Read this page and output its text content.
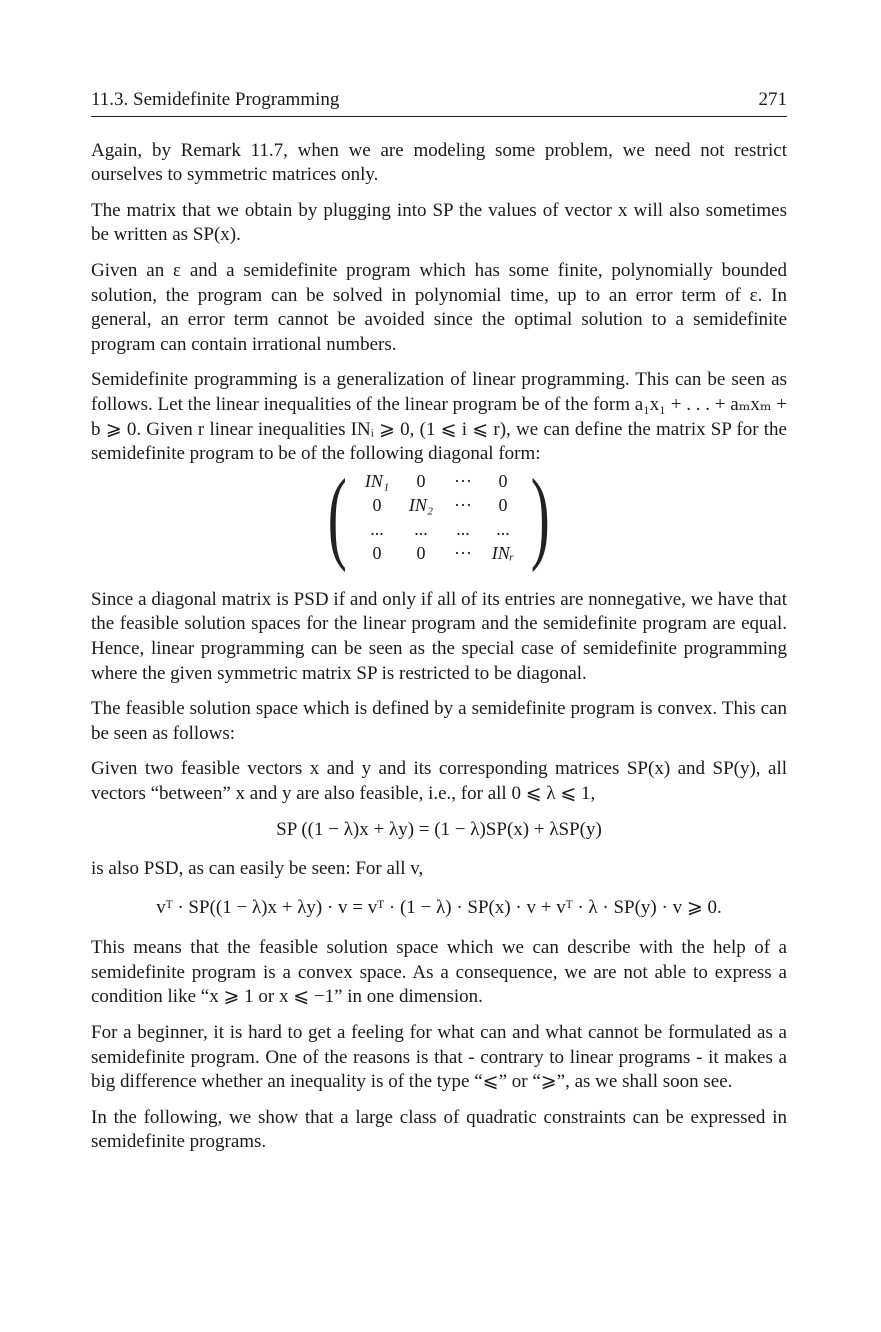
11.3. Semidefinite Programming	271

Again, by Remark 11.7, when we are modeling some problem, we need not restrict ourselves to symmetric matrices only.

The matrix that we obtain by plugging into SP the values of vector x will also sometimes be written as SP(x).

Given an ε and a semidefinite program which has some finite, polynomially bounded solution, the program can be solved in polynomial time, up to an error term of ε. In general, an error term cannot be avoided since the optimal solution to a semidefinite program can contain irrational numbers.

Semidefinite programming is a generalization of linear programming. This can be seen as follows. Let the linear inequalities of the linear program be of the form a₁x₁ + . . . + aₘxₘ + b ⩾ 0. Given r linear inequalities INᵢ ⩾ 0, (1 ⩽ i ⩽ r), we can define the matrix SP for the semidefinite program to be of the following diagonal form:

( IN₁	0	···	0
0	IN₂	···	0
...	...	...	...
0	0	···	INᵣ )

Since a diagonal matrix is PSD if and only if all of its entries are nonnegative, we have that the feasible solution spaces for the linear program and the semidefinite program are equal. Hence, linear programming can be seen as the special case of semidefinite programming where the given symmetric matrix SP is restricted to be diagonal.

The feasible solution space which is defined by a semidefinite program is convex. This can be seen as follows:

Given two feasible vectors x and y and its corresponding matrices SP(x) and SP(y), all vectors “between” x and y are also feasible, i.e., for all 0 ⩽ λ ⩽ 1,

SP ((1 − λ)x + λy) = (1 − λ)SP(x) + λSP(y)

is also PSD, as can easily be seen: For all v,

vᵀ · SP((1 − λ)x + λy) · v = vᵀ · (1 − λ) · SP(x) · v + vᵀ · λ · SP(y) · v ⩾ 0.

This means that the feasible solution space which we can describe with the help of a semidefinite program is a convex space. As a consequence, we are not able to express a condition like “x ⩾ 1 or x ⩽ −1” in one dimension.

For a beginner, it is hard to get a feeling for what can and what cannot be formulated as a semidefinite program. One of the reasons is that - contrary to linear programs - it makes a big difference whether an inequality is of the type “⩽” or “⩾”, as we shall soon see.

In the following, we show that a large class of quadratic constraints can be expressed in semidefinite programs.
